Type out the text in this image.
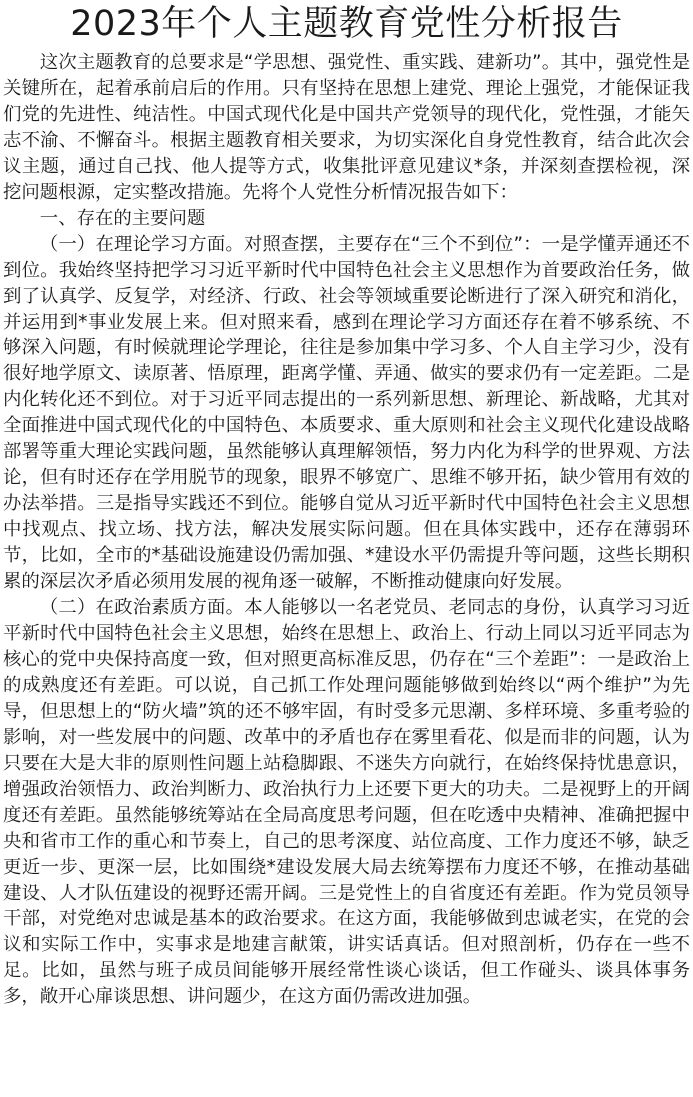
2023年个人主题教育党性分析报告

这次主题教育的总要求是“学思想、强党性、重实践、建新功”。其中，强党性是关键所在，起着承前启后的作用。只有坚持在思想上建党、理论上强党，才能保证我们党的先进性、纯洁性。中国式现代化是中国共产党领导的现代化，党性强，才能矢志不渝、不懈奋斗。根据主题教育相关要求，为切实深化自身党性教育，结合此次会议主题，通过自己找、他人提等方式，收集批评意见建议*条，并深刻查摆检视，深挖问题根源，定实整改措施。先将个人党性分析情况报告如下：

一、存在的主要问题

（一）在理论学习方面。对照查摆，主要存在“三个不到位”：一是学懂弄通还不到位。我始终坚持把学习习近平新时代中国特色社会主义思想作为首要政治任务，做到了认真学、反复学，对经济、行政、社会等领域重要论断进行了深入研究和消化，并运用到*事业发展上来。但对照来看，感到在理论学习方面还存在着不够系统、不够深入问题，有时候就理论学理论，往往是参加集中学习多、个人自主学习少，没有很好地学原文、读原著、悟原理，距离学懂、弄通、做实的要求仍有一定差距。二是内化转化还不到位。对于习近平同志提出的一系列新思想、新理论、新战略，尤其对全面推进中国式现代化的中国特色、本质要求、重大原则和社会主义现代化建设战略部署等重大理论实践问题，虽然能够认真理解领悟，努力内化为科学的世界观、方法论，但有时还存在学用脱节的现象，眼界不够宽广、思维不够开拓，缺少管用有效的办法举措。三是指导实践还不到位。能够自觉从习近平新时代中国特色社会主义思想中找观点、找立场、找方法，解决发展实际问题。但在具体实践中，还存在薄弱环节，比如，全市的*基础设施建设仍需加强、*建设水平仍需提升等问题，这些长期积累的深层次矛盾必须用发展的视角逐一破解，不断推动健康向好发展。

（二）在政治素质方面。本人能够以一名老党员、老同志的身份，认真学习习近平新时代中国特色社会主义思想，始终在思想上、政治上、行动上同以习近平同志为核心的党中央保持高度一致，但对照更高标准反思，仍存在“三个差距”：一是政治上的成熟度还有差距。可以说，自己抓工作处理问题能够做到始终以“两个维护”为先导，但思想上的“防火墙”筑的还不够牢固，有时受多元思潮、多样环境、多重考验的影响，对一些发展中的问题、改革中的矛盾也存在雾里看花、似是而非的问题，认为只要在大是大非的原则性问题上站稳脚跟、不迷失方向就行，在始终保持忧患意识，增强政治领悟力、政治判断力、政治执行力上还要下更大的功夫。二是视野上的开阔度还有差距。虽然能够统筹站在全局高度思考问题，但在吃透中央精神、准确把握中央和省市工作的重心和节奏上，自己的思考深度、站位高度、工作力度还不够，缺乏更近一步、更深一层，比如围绕*建设发展大局去统筹摆布力度还不够，在推动基础建设、人才队伍建设的视野还需开阔。三是党性上的自省度还有差距。作为党员领导干部，对党绝对忠诚是基本的政治要求。在这方面，我能够做到忠诚老实，在党的会议和实际工作中，实事求是地建言献策，讲实话真话。但对照剖析，仍存在一些不足。比如，虽然与班子成员间能够开展经常性谈心谈话，但工作碰头、谈具体事务多，敞开心扉谈思想、讲问题少，在这方面仍需改进加强。
